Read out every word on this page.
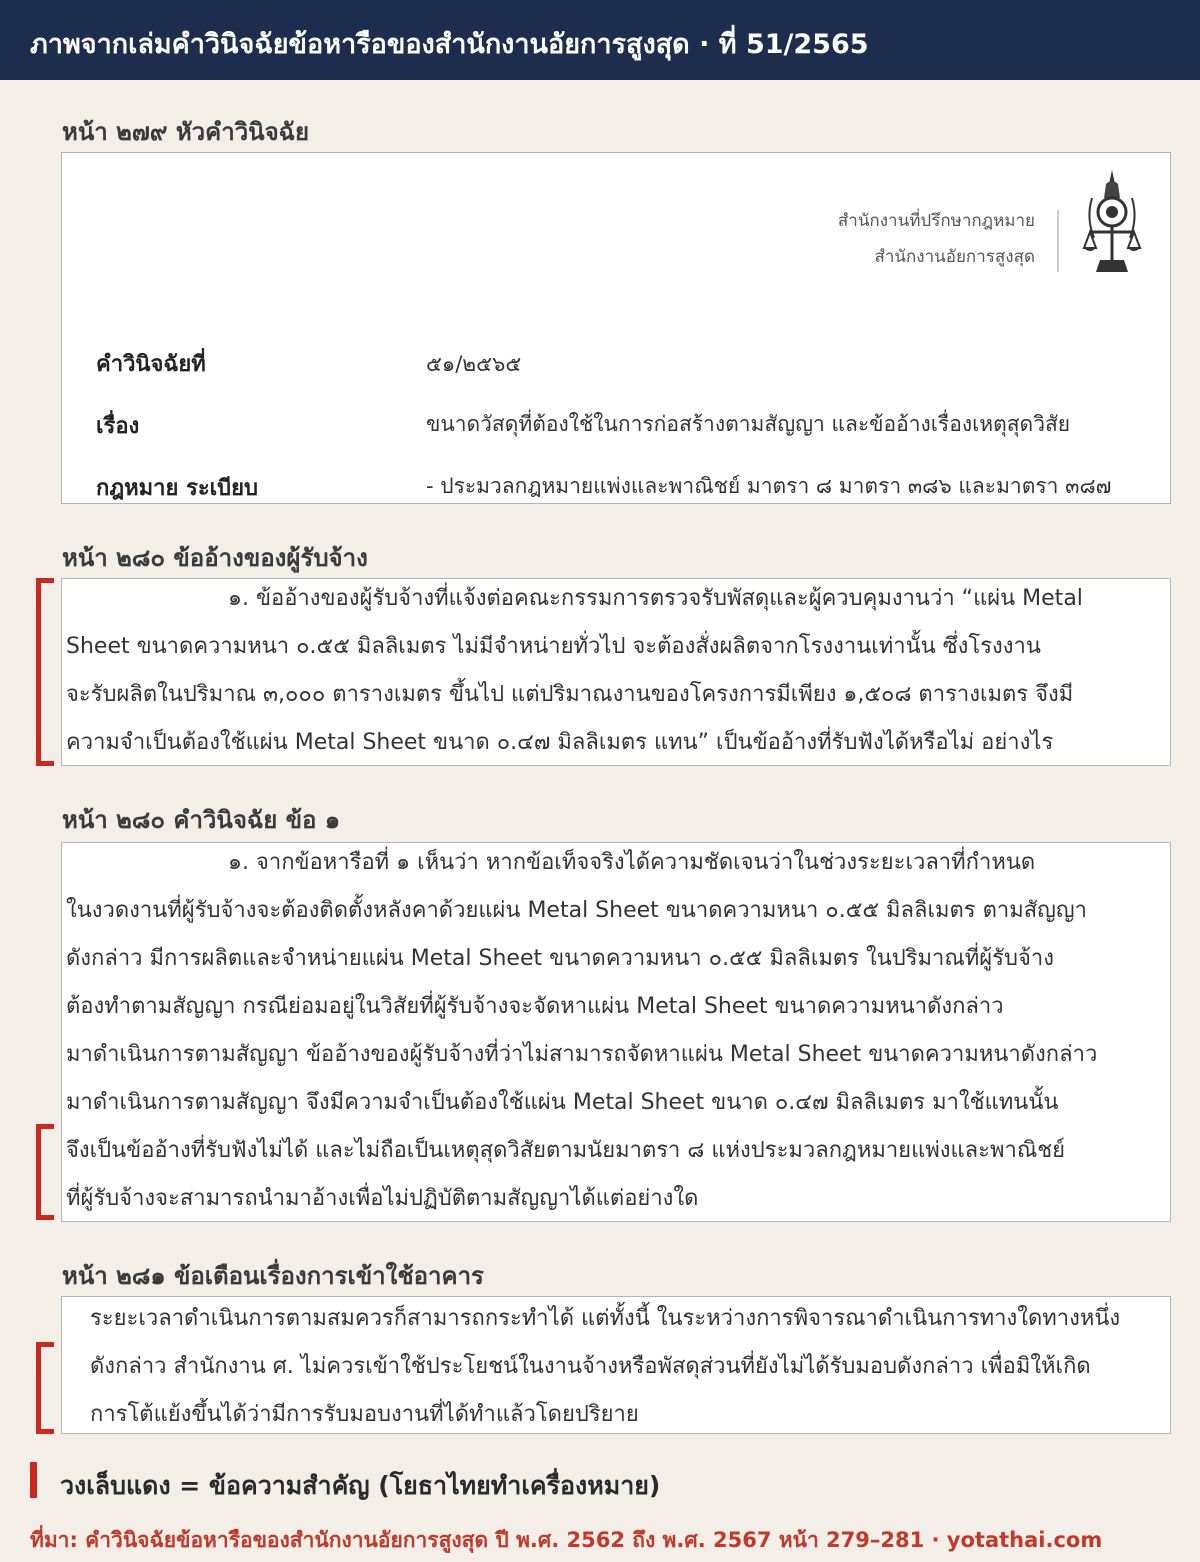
ภาพจากเล่มคำวินิจฉัยข้อหารือของสำนักงานอัยการสูงสุด · ที่ 51/2565
หน้า ๒๗๙ หัวคำวินิจฉัย
สำนักงานที่ปรึกษากฎหมาย
สำนักงานอัยการสูงสุด
คำวินิจฉัยที่	๕๑/๒๕๖๕
เรื่อง	ขนาดวัสดุที่ต้องใช้ในการก่อสร้างตามสัญญา และข้ออ้างเรื่องเหตุสุดวิสัย
กฎหมาย ระเบียบ	- ประมวลกฎหมายแพ่งและพาณิชย์ มาตรา ๘ มาตรา ๓๘๖ และมาตรา ๓๘๗
หน้า ๒๘๐ ข้ออ้างของผู้รับจ้าง
๑. ข้ออ้างของผู้รับจ้างที่แจ้งต่อคณะกรรมการตรวจรับพัสดุและผู้ควบคุมงานว่า “แผ่น Metal
Sheet ขนาดความหนา ๐.๕๕ มิลลิเมตร ไม่มีจำหน่ายทั่วไป จะต้องสั่งผลิตจากโรงงานเท่านั้น ซึ่งโรงงาน
จะรับผลิตในปริมาณ ๓,๐๐๐ ตารางเมตร ขึ้นไป แต่ปริมาณงานของโครงการมีเพียง ๑,๕๐๘ ตารางเมตร จึงมี
ความจำเป็นต้องใช้แผ่น Metal Sheet ขนาด ๐.๔๗ มิลลิเมตร แทน” เป็นข้ออ้างที่รับฟังได้หรือไม่ อย่างไร
หน้า ๒๘๐ คำวินิจฉัย ข้อ ๑
๑. จากข้อหารือที่ ๑ เห็นว่า หากข้อเท็จจริงได้ความชัดเจนว่าในช่วงระยะเวลาที่กำหนด
ในงวดงานที่ผู้รับจ้างจะต้องติดตั้งหลังคาด้วยแผ่น Metal Sheet ขนาดความหนา ๐.๕๕ มิลลิเมตร ตามสัญญา
ดังกล่าว มีการผลิตและจำหน่ายแผ่น Metal Sheet ขนาดความหนา ๐.๕๕ มิลลิเมตร ในปริมาณที่ผู้รับจ้าง
ต้องทำตามสัญญา กรณีย่อมอยู่ในวิสัยที่ผู้รับจ้างจะจัดหาแผ่น Metal Sheet ขนาดความหนาดังกล่าว
มาดำเนินการตามสัญญา ข้ออ้างของผู้รับจ้างที่ว่าไม่สามารถจัดหาแผ่น Metal Sheet ขนาดความหนาดังกล่าว
มาดำเนินการตามสัญญา จึงมีความจำเป็นต้องใช้แผ่น Metal Sheet ขนาด ๐.๔๗ มิลลิเมตร มาใช้แทนนั้น
จึงเป็นข้ออ้างที่รับฟังไม่ได้ และไม่ถือเป็นเหตุสุดวิสัยตามนัยมาตรา ๘ แห่งประมวลกฎหมายแพ่งและพาณิชย์
ที่ผู้รับจ้างจะสามารถนำมาอ้างเพื่อไม่ปฏิบัติตามสัญญาได้แต่อย่างใด
หน้า ๒๘๑ ข้อเตือนเรื่องการเข้าใช้อาคาร
ระยะเวลาดำเนินการตามสมควรก็สามารถกระทำได้ แต่ทั้งนี้ ในระหว่างการพิจารณาดำเนินการทางใดทางหนึ่ง
ดังกล่าว สำนักงาน ศ. ไม่ควรเข้าใช้ประโยชน์ในงานจ้างหรือพัสดุส่วนที่ยังไม่ได้รับมอบดังกล่าว เพื่อมิให้เกิด
การโต้แย้งขึ้นได้ว่ามีการรับมอบงานที่ได้ทำแล้วโดยปริยาย
วงเล็บแดง = ข้อความสำคัญ (โยธาไทยทำเครื่องหมาย)
ที่มา: คำวินิจฉัยข้อหารือของสำนักงานอัยการสูงสุด ปี พ.ศ. 2562 ถึง พ.ศ. 2567 หน้า 279–281 · yotathai.com
